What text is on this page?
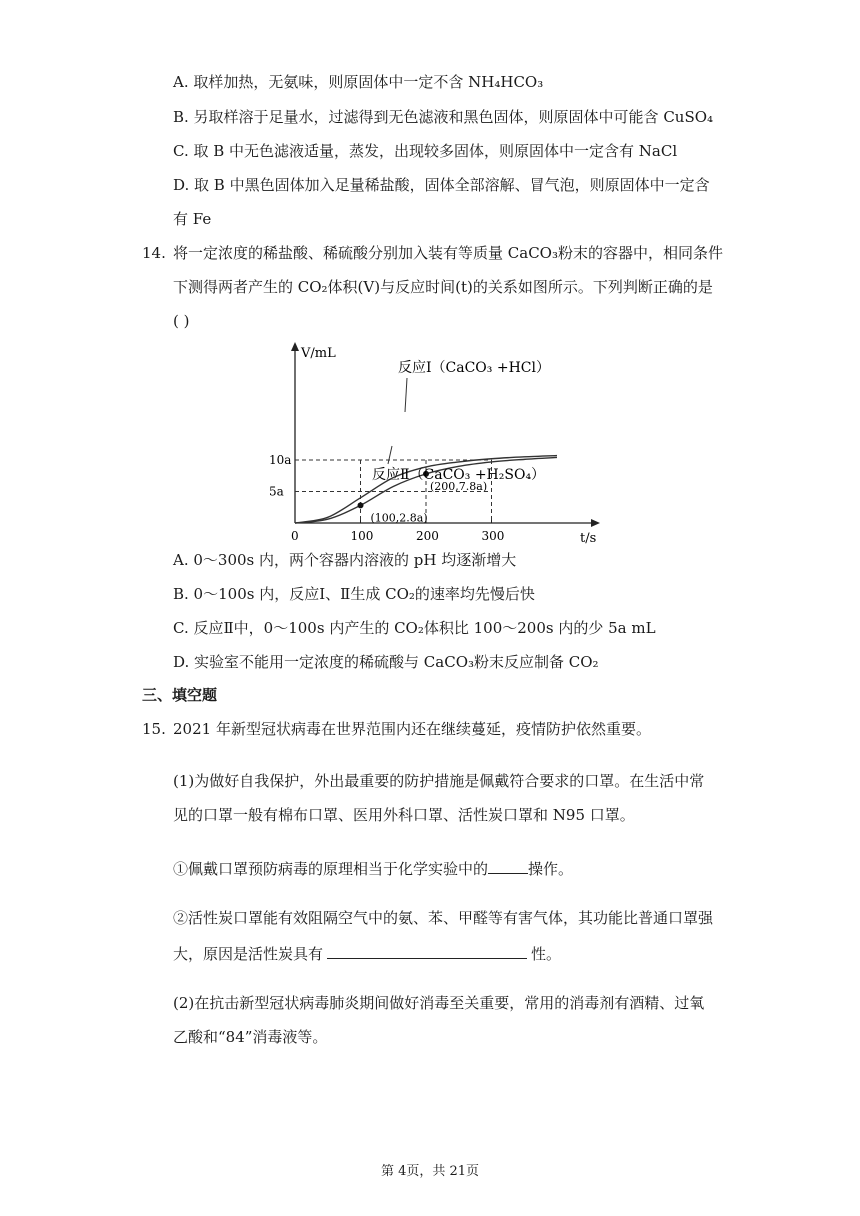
A. 取样加热，无氨味，则原固体中一定不含 NH₄HCO₃
B. 另取样溶于足量水，过滤得到无色滤液和黑色固体，则原固体中可能含 CuSO₄
C. 取 B 中无色滤液适量，蒸发，出现较多固体，则原固体中一定含有 NaCl
D. 取 B 中黑色固体加入足量稀盐酸，固体全部溶解、冒气泡，则原固体中一定含
有 Fe
14. 将一定浓度的稀盐酸、稀硫酸分别加入装有等质量 CaCO₃粉末的容器中，相同条件
下测得两者产生的 CO₂体积(V)与反应时间(t)的关系如图所示。下列判断正确的是
( )
V/mL
t/s
0	100	200	300
5a
10a
(200,7.8a)
(100,2.8a)
反应Ⅰ（CaCO₃ +HCl）
反应Ⅱ（CaCO₃ +H₂SO₄）
A. 0～300s 内，两个容器内溶液的 pH 均逐渐增大
B. 0～100s 内，反应Ⅰ、Ⅱ生成 CO₂的速率均先慢后快
C. 反应Ⅱ中，0～100s 内产生的 CO₂体积比 100～200s 内的少 5a mL
D. 实验室不能用一定浓度的稀硫酸与 CaCO₃粉末反应制备 CO₂
三、填空题
15. 2021 年新型冠状病毒在世界范围内还在继续蔓延，疫情防护依然重要。
(1)为做好自我保护，外出最重要的防护措施是佩戴符合要求的口罩。在生活中常
见的口罩一般有棉布口罩、医用外科口罩、活性炭口罩和 N95 口罩。
①佩戴口罩预防病毒的原理相当于化学实验中的	操作。
②活性炭口罩能有效阻隔空气中的氨、苯、甲醛等有害气体，其功能比普通口罩强
大，原因是活性炭具有	性。
(2)在抗击新型冠状病毒肺炎期间做好消毒至关重要，常用的消毒剂有酒精、过氧
乙酸和“84”消毒液等。
第 4页，共 21页
